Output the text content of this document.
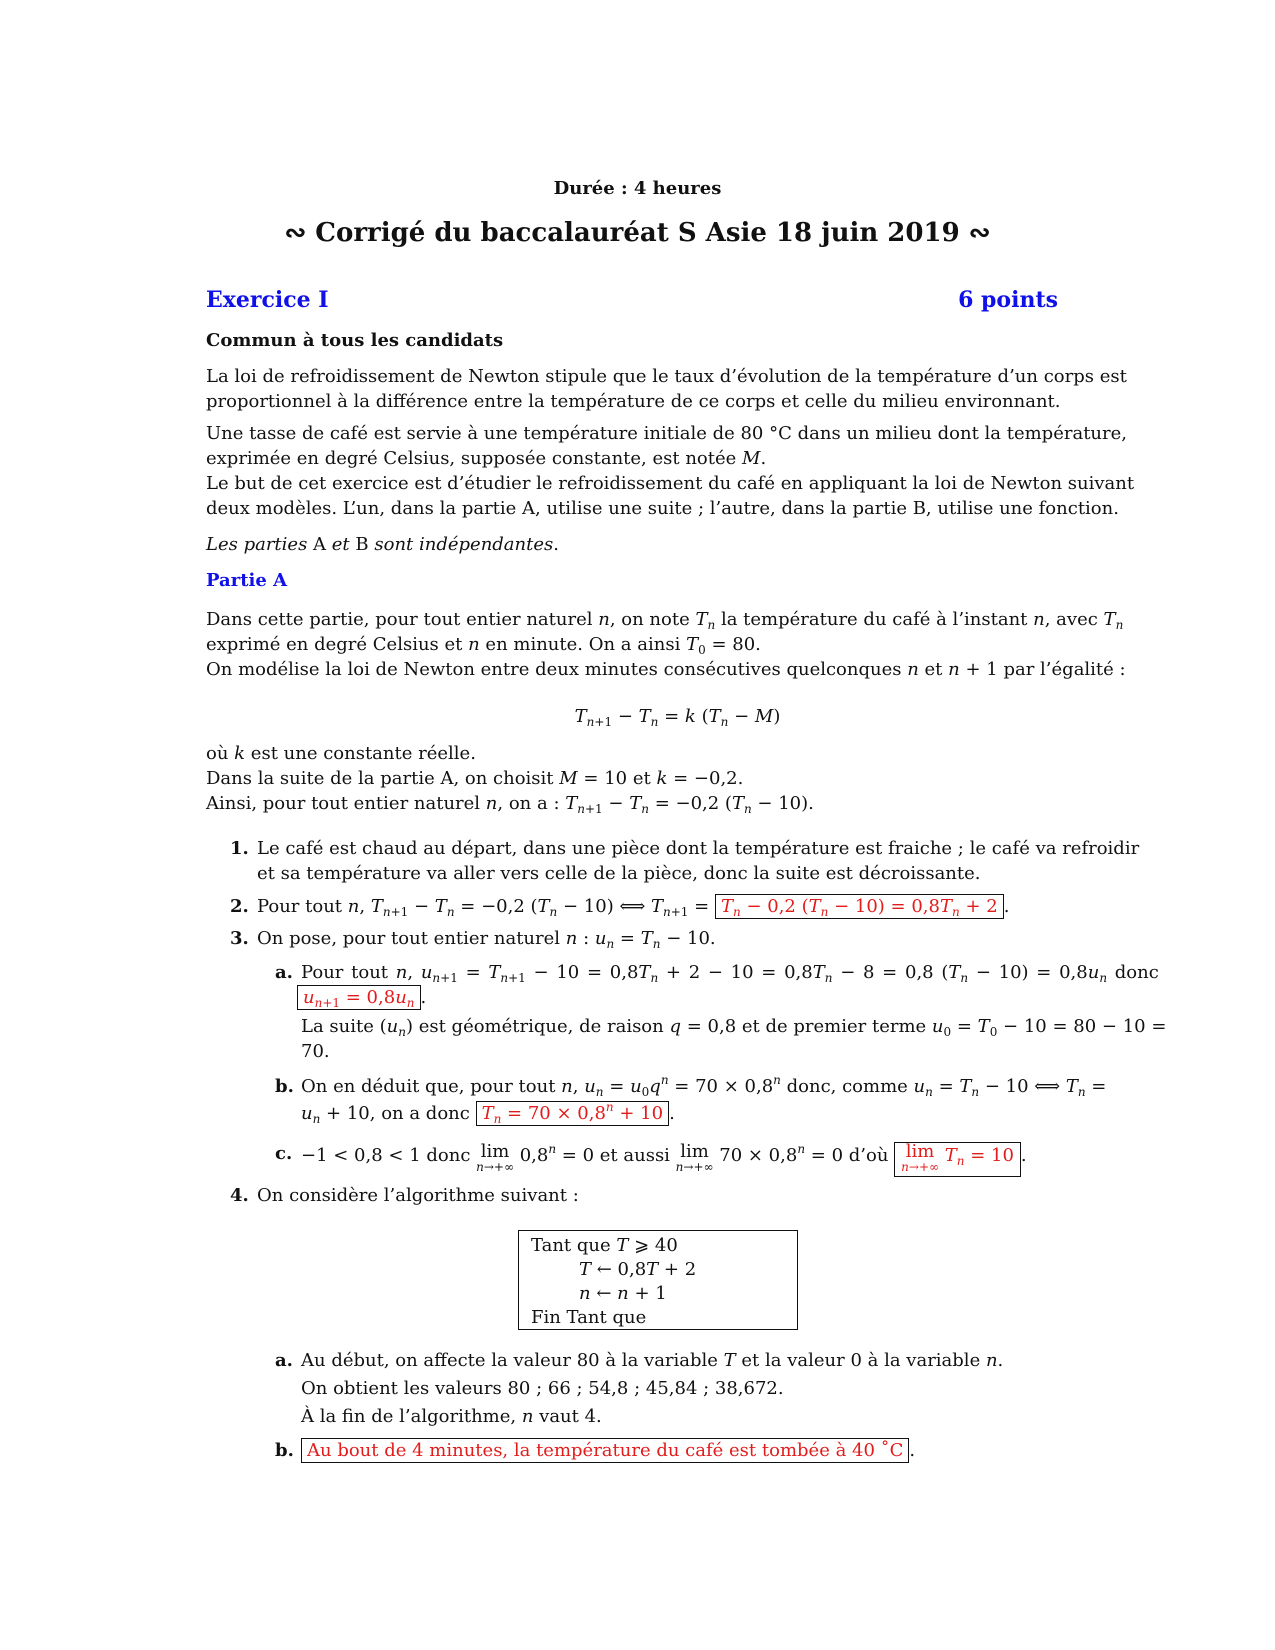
Durée : 4 heures
∾ Corrigé du baccalauréat S Asie 18 juin 2019 ∾
Exercice I	6 points
Commun à tous les candidats
La loi de refroidissement de Newton stipule que le taux d’évolution de la température d’un corps est
proportionnel à la différence entre la température de ce corps et celle du milieu environnant.
Une tasse de café est servie à une température initiale de 80 °C dans un milieu dont la température,
exprimée en degré Celsius, supposée constante, est notée M.
Le but de cet exercice est d’étudier le refroidissement du café en appliquant la loi de Newton suivant
deux modèles. L’un, dans la partie A, utilise une suite ; l’autre, dans la partie B, utilise une fonction.
Les parties A et B sont indépendantes.
Partie A
Dans cette partie, pour tout entier naturel n, on note $T_n$ la température du café à l’instant n, avec $T_n$
exprimé en degré Celsius et n en minute. On a ainsi $T_0 = 80$.
On modélise la loi de Newton entre deux minutes consécutives quelconques n et n + 1 par l’égalité :
$T_{n+1} - T_n = k$ $(T_n - M)$
où k est une constante réelle.
Dans la suite de la partie A, on choisit M = 10 et k = −0,2.
Ainsi, pour tout entier naturel n, on a : $T_{n+1} - T_n = -0,2$ $(T_n - 10)$.
1. Le café est chaud au départ, dans une pièce dont la température est fraiche ; le café va refroidir
et sa température va aller vers celle de la pièce, donc la suite est décroissante.
2. Pour tout n, $T_{n+1} - T_n = -0,2$ $(T_n - 10)$ ⟺ $T_{n+1} = T_n - 0,2$ $(T_n - 10) = 0,8T_n + 2$ .
3. On pose, pour tout entier naturel n : $u_n = T_n - 10$.
a. Pour tout n, $u_{n+1} = T_{n+1} - 10 = 0,8T_n + 2 - 10 = 0,8T_n - 8 = 0,8$ $(T_n - 10) = 0,8u_n$ donc
$u_{n+1} = 0,8u_n$ .
La suite $(u_n)$ est géométrique, de raison q = 0,8 et de premier terme $u_0 = T_0 - 10 = 80 - 10$ =
70.
b. On en déduit que, pour tout n, $u_n = u_0q^n = 70 \times 0,8^n$ donc, comme $u_n = T_n - 10$ ⟺ $T_n$ =
$u_n + 10$, on a donc $T_n = 70 \times 0,8^n + 10$ .
c. −1 < 0,8 < 1 donc lim
n→+∞
$0,8^n = 0$ et aussi lim
n→+∞
$70 \times 0,8^n = 0$ d’où lim
n→+∞
$T_n = 10$ .
4. On considère l’algorithme suivant :
Tant que T ⩾ 40
T ← 0,8T + 2
n ← n + 1
Fin Tant que
a. Au début, on affecte la valeur 80 à la variable T et la valeur 0 à la variable n.
On obtient les valeurs 80 ; 66 ; 54,8 ; 45,84 ; 38,672.
À la fin de l’algorithme, n vaut 4.
b. Au bout de 4 minutes, la température du café est tombée à 40 ˚C .
